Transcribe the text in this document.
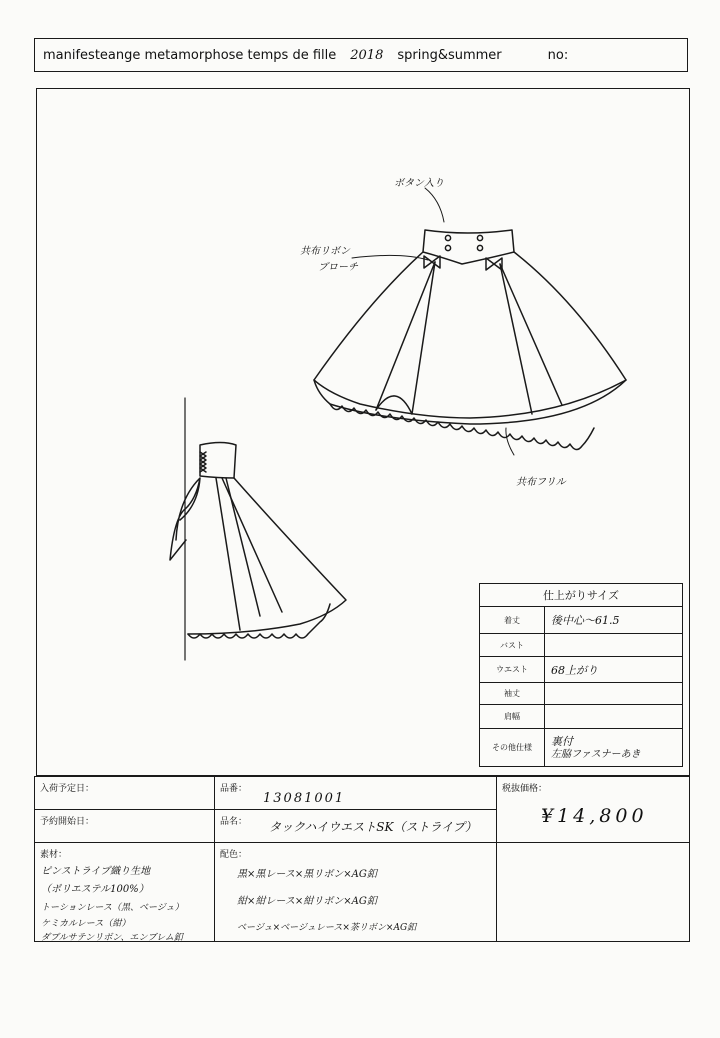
manifesteange metamorphose temps de fille 2018 spring&summer	no:
ボタン入り
共布リボン
ブローチ
共布フリル
仕上がりサイズ
着丈	後中心〜61.5
バスト
ウエスト	68上がり
袖丈
肩幅
その他仕様	裏付
左脇ファスナーあき
入荷予定日：	品番：
13081001
税抜価格：
¥14,800
予約開始日：	品名： タックハイウエストSK（ストライプ）
素材：
ピンストライプ織り生地
（ポリエステル100%）
トーションレース（黒、ベージュ）
ケミカルレース（紺）
ダブルサテンリボン、エンブレム釦
配色：
黒×黒レース×黒リボン×AG釦
紺×紺レース×紺リボン×AG釦
ベージュ×ベージュレース×茶リボン×AG釦
